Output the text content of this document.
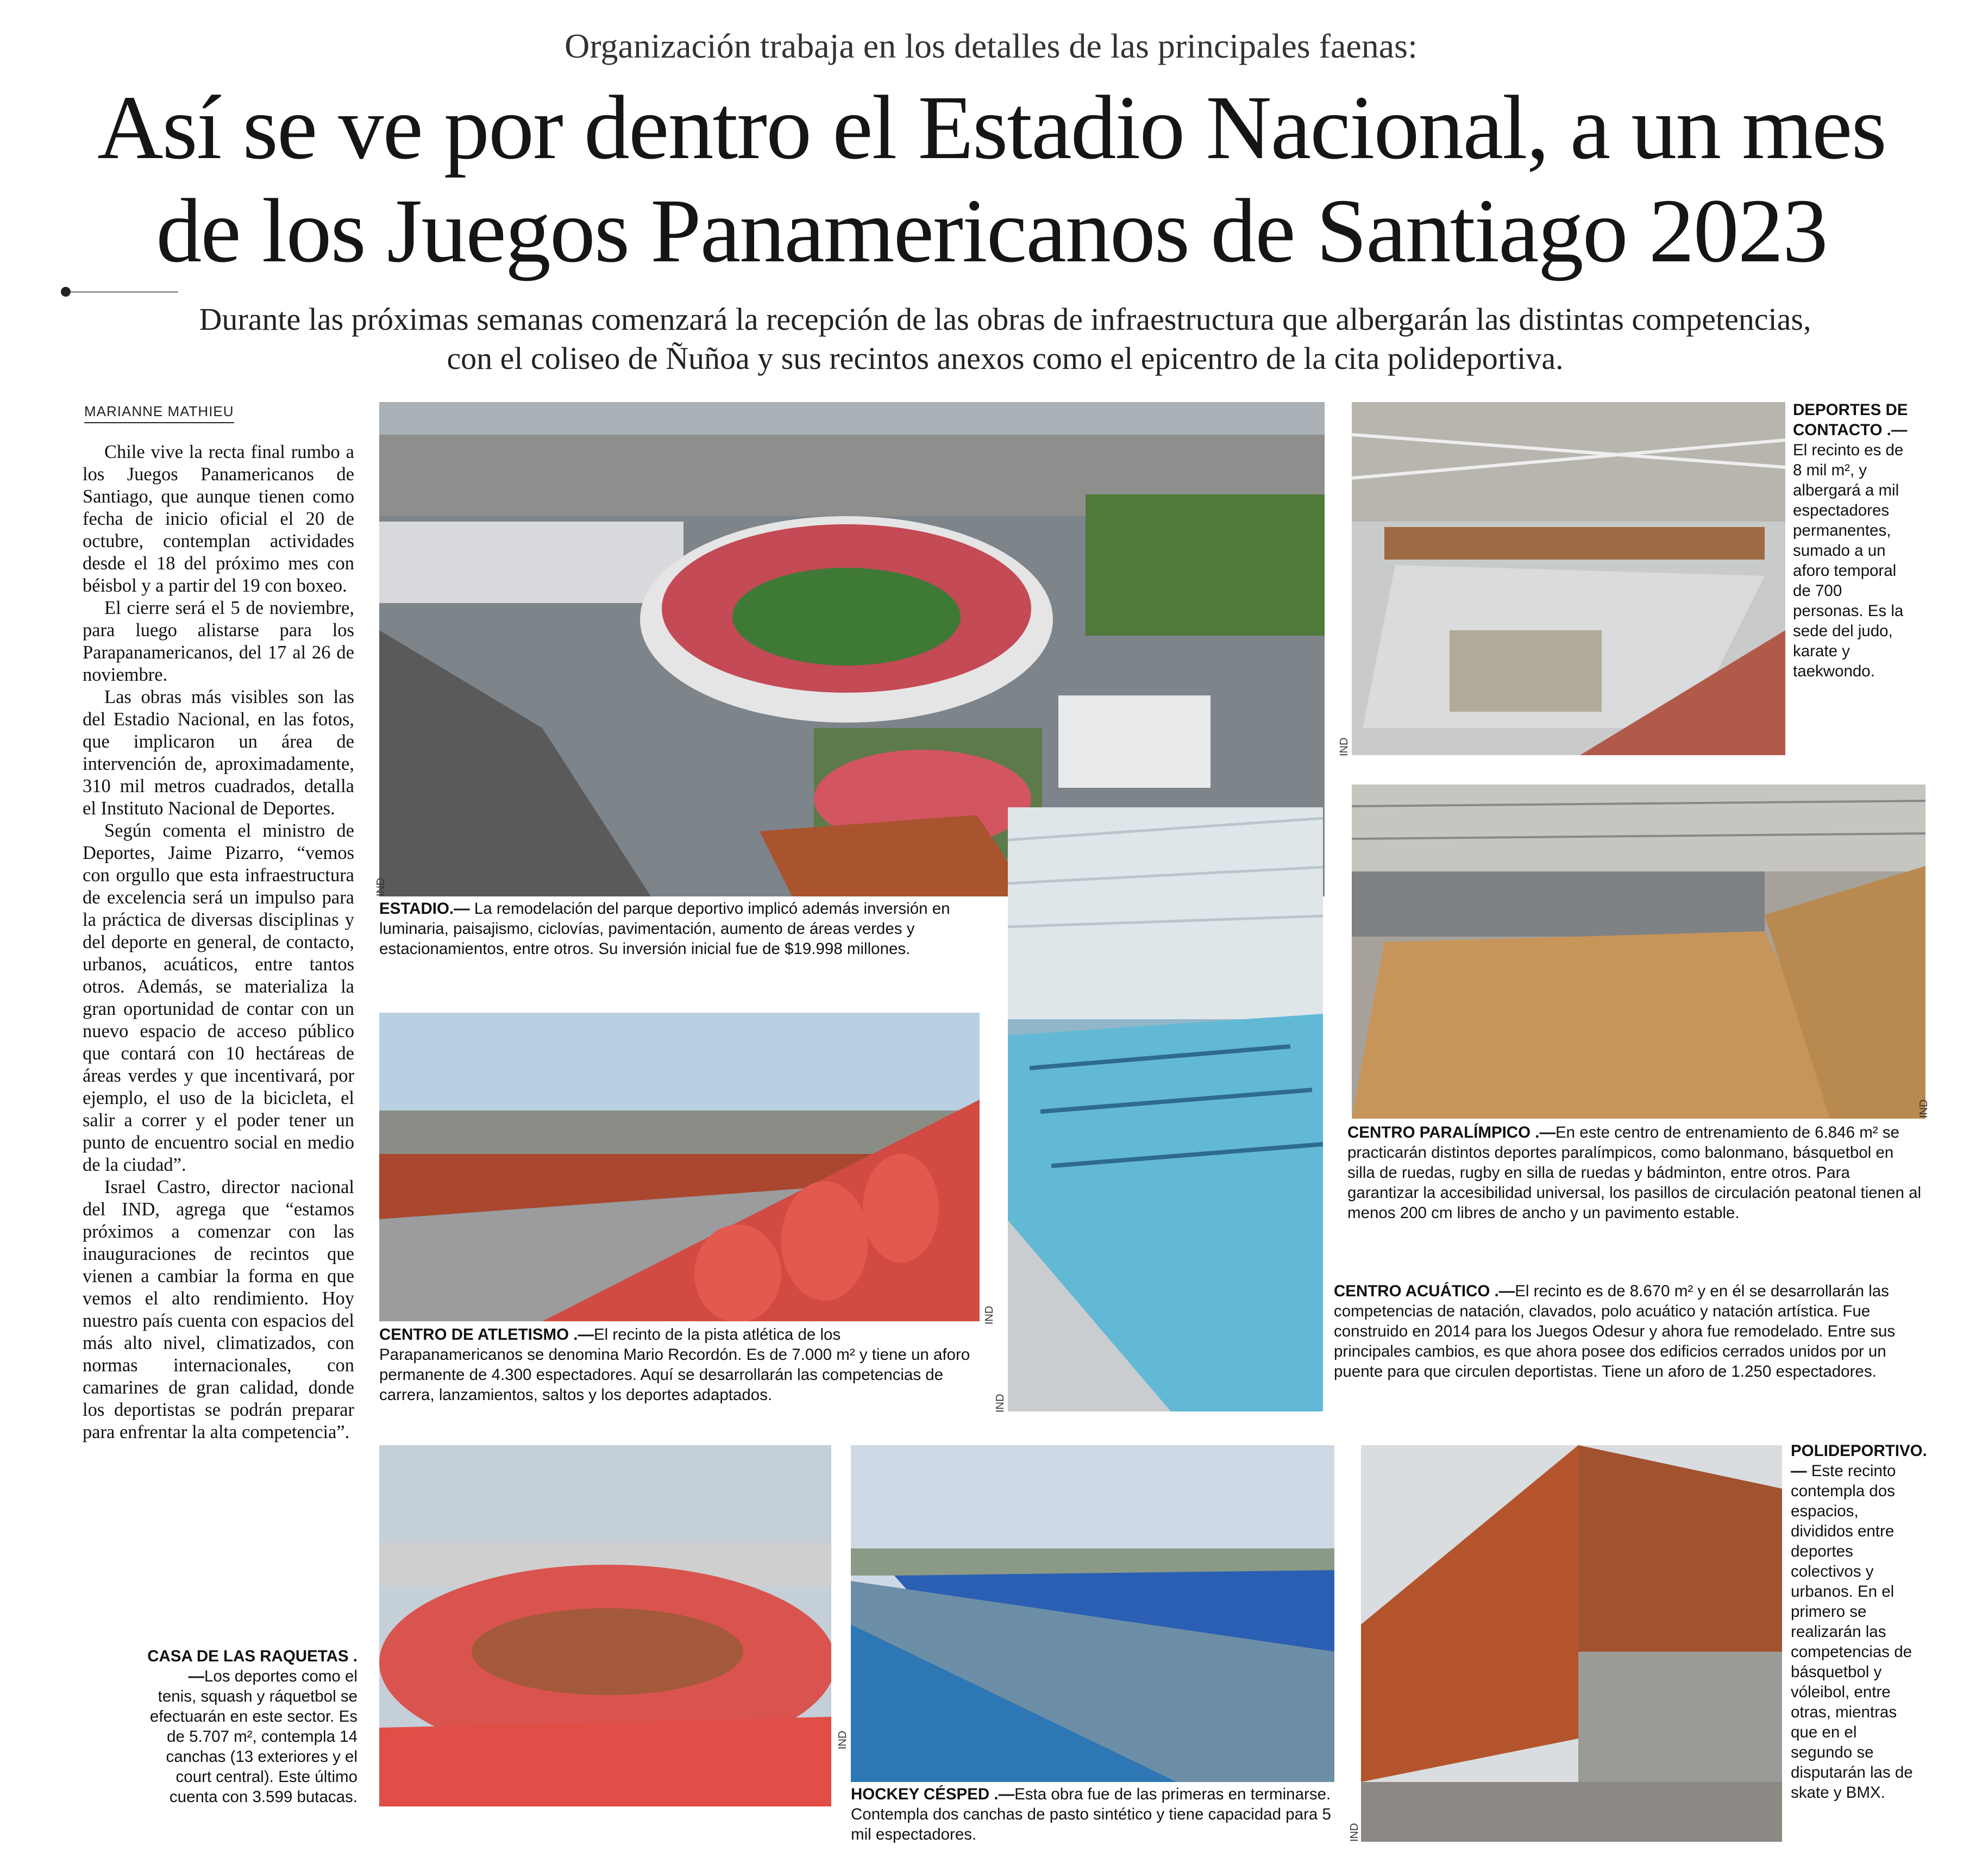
Organización trabaja en los detalles de las principales faenas:
Así se ve por dentro el Estadio Nacional, a un mes
de los Juegos Panamericanos de Santiago 2023
Durante las próximas semanas comenzará la recepción de las obras de infraestructura que albergarán las distintas competencias,
con el coliseo de Ñuñoa y sus recintos anexos como el epicentro de la cita polideportiva.
MARIANNE MATHIEU

Chile vive la recta final rumbo a los Juegos Panamericanos de Santiago, que aunque tienen como fecha de inicio oficial el 20 de octubre, contemplan actividades desde el 18 del próximo mes con béisbol y a partir del 19 con boxeo.

El cierre será el 5 de noviembre, para luego alistarse para los Parapanamericanos, del 17 al 26 de noviembre.

Las obras más visibles son las del Estadio Nacional, en las fotos, que implicaron un área de intervención de, aproximadamente, 310 mil metros cuadrados, detalla el Instituto Nacional de Deportes.

Según comenta el ministro de Deportes, Jaime Pizarro, “vemos con orgullo que esta infraestructura de excelencia será un impulso para la práctica de diversas disciplinas y del deporte en general, de contacto, urbanos, acuáticos, entre tantos otros. Además, se materializa la gran oportunidad de contar con un nuevo espacio de acceso público que contará con 10 hectáreas de áreas verdes y que incentivará, por ejemplo, el uso de la bicicleta, el salir a correr y el poder tener un punto de encuentro social en medio de la ciudad”.

Israel Castro, director nacional del IND, agrega que “estamos próximos a comenzar con las inauguraciones de recintos que vienen a cambiar la forma en que vemos el alto rendimiento. Hoy nuestro país cuenta con espacios del más alto nivel, climatizados, con normas internacionales, con camarines de gran calidad, donde los deportistas se podrán preparar para enfrentar la alta competencia”.

IND
ESTADIO.— La remodelación del parque deportivo implicó además inversión en luminaria, paisajismo, ciclovías, pavimentación, aumento de áreas verdes y estacionamientos, entre otros. Su inversión inicial fue de $19.998 millones.
IND
DEPORTES DE CONTACTO .—El recinto es de 8 mil m², y albergará a mil espectadores permanentes, sumado a un aforo temporal de 700 personas. Es la sede del judo, karate y taekwondo.
IND
CENTRO ACUÁTICO .—El recinto es de 8.670 m² y en él se desarrollarán las competencias de natación, clavados, polo acuático y natación artística. Fue construido en 2014 para los Juegos Odesur y ahora fue remodelado. Entre sus principales cambios, es que ahora posee dos edificios cerrados unidos por un puente para que circulen deportistas. Tiene un aforo de 1.250 espectadores.
IND
CENTRO PARALÍMPICO .—En este centro de entrenamiento de 6.846 m² se practicarán distintos deportes paralímpicos, como balonmano, básquetbol en silla de ruedas, rugby en silla de ruedas y bádminton, entre otros. Para garantizar la accesibilidad universal, los pasillos de circulación peatonal tienen al menos 200 cm libres de ancho y un pavimento estable.
IND
CENTRO DE ATLETISMO .—El recinto de la pista atlética de los Parapanamericanos se denomina Mario Recordón. Es de 7.000 m² y tiene un aforo permanente de 4.300 espectadores. Aquí se desarrollarán las competencias de carrera, lanzamientos, saltos y los deportes adaptados.
CASA DE LAS RAQUETAS .—Los deportes como el tenis, squash y ráquetbol se efectuarán en este sector. Es de 5.707 m², contempla 14 canchas (13 exteriores y el court central). Este último cuenta con 3.599 butacas.
IND
HOCKEY CÉSPED .—Esta obra fue de las primeras en terminarse. Contempla dos canchas de pasto sintético y tiene capacidad para 5 mil espectadores.	IND
POLIDEPORTIVO.— Este recinto contempla dos espacios, divididos entre deportes colectivos y urbanos. En el primero se realizarán las competencias de básquetbol y vóleibol, entre otras, mientras que en el segundo se disputarán las de skate y BMX.
